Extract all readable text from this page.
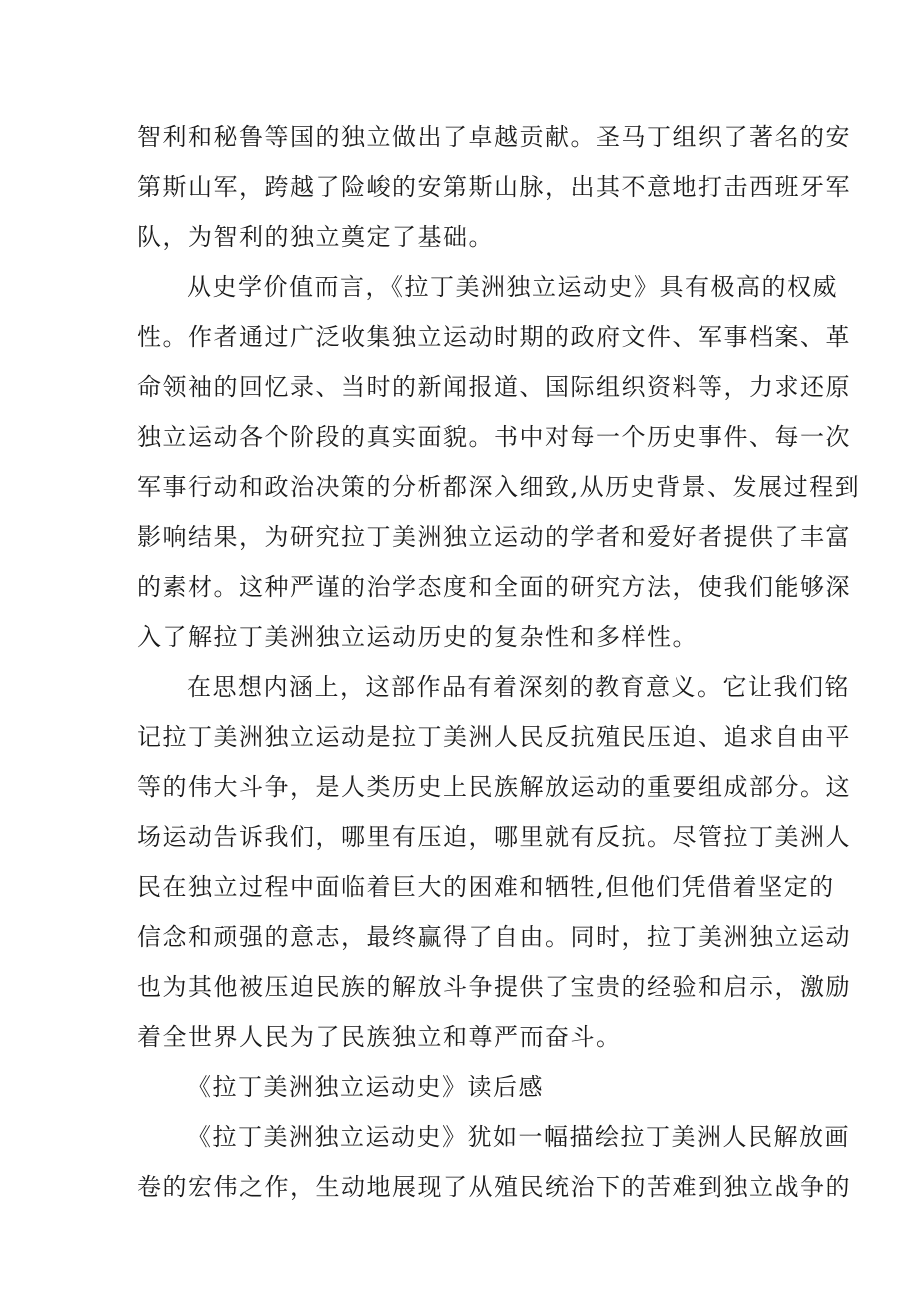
智利和秘鲁等国的独立做出了卓越贡献。圣马丁组织了著名的安
第斯山军，跨越了险峻的安第斯山脉，出其不意地打击西班牙军
队，为智利的独立奠定了基础。
从史学价值而言，《拉丁美洲独立运动史》具有极高的权威
性。作者通过广泛收集独立运动时期的政府文件、军事档案、革
命领袖的回忆录、当时的新闻报道、国际组织资料等，力求还原
独立运动各个阶段的真实面貌。书中对每一个历史事件、每一次
军事行动和政治决策的分析都深入细致,从历史背景、发展过程到
影响结果，为研究拉丁美洲独立运动的学者和爱好者提供了丰富
的素材。这种严谨的治学态度和全面的研究方法，使我们能够深
入了解拉丁美洲独立运动历史的复杂性和多样性。
在思想内涵上，这部作品有着深刻的教育意义。它让我们铭
记拉丁美洲独立运动是拉丁美洲人民反抗殖民压迫、追求自由平
等的伟大斗争，是人类历史上民族解放运动的重要组成部分。这
场运动告诉我们，哪里有压迫，哪里就有反抗。尽管拉丁美洲人
民在独立过程中面临着巨大的困难和牺牲,但他们凭借着坚定的
信念和顽强的意志，最终赢得了自由。同时，拉丁美洲独立运动
也为其他被压迫民族的解放斗争提供了宝贵的经验和启示，激励
着全世界人民为了民族独立和尊严而奋斗。
《拉丁美洲独立运动史》读后感
《拉丁美洲独立运动史》犹如一幅描绘拉丁美洲人民解放画
卷的宏伟之作，生动地展现了从殖民统治下的苦难到独立战争的
